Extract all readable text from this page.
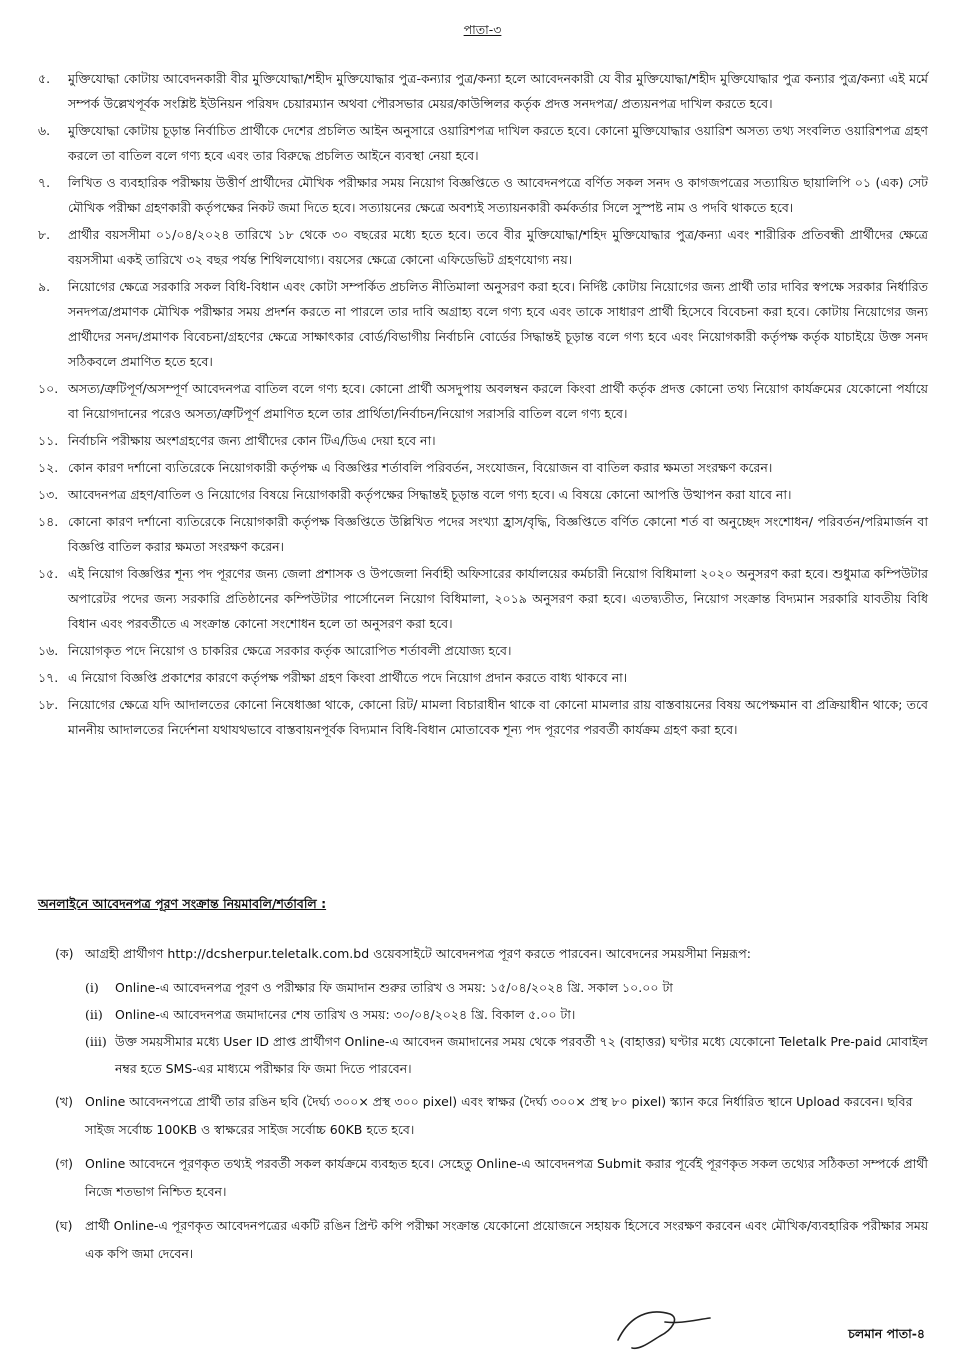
পাতা-৩
৫.	মুক্তিযোদ্ধা কোটায় আবেদনকারী বীর মুক্তিযোদ্ধা/শহীদ মুক্তিযোদ্ধার পুত্র-কন্যার পুত্র/কন্যা হলে আবেদনকারী যে বীর মুক্তিযোদ্ধা/শহীদ মুক্তিযোদ্ধার পুত্র কন্যার পুত্র/কন্যা এই মর্মে সম্পর্ক উল্লেখপূর্বক সংশ্লিষ্ট ইউনিয়ন পরিষদ চেয়ারম্যান অথবা পৌরসভার মেয়র/কাউন্সিলর কর্তৃক প্রদত্ত সনদপত্র/ প্রত্যয়নপত্র দাখিল করতে হবে।
৬.	মুক্তিযোদ্ধা কোটায় চূড়ান্ত নির্বাচিত প্রার্থীকে দেশের প্রচলিত আইন অনুসারে ওয়ারিশপত্র দাখিল করতে হবে। কোনো মুক্তিযোদ্ধার ওয়ারিশ অসত্য তথ্য সংবলিত ওয়ারিশপত্র গ্রহণ করলে তা বাতিল বলে গণ্য হবে এবং তার বিরুদ্ধে প্রচলিত আইনে ব্যবস্থা নেয়া হবে।
৭.	লিখিত ও ব্যবহারিক পরীক্ষায় উত্তীর্ণ প্রার্থীদের মৌখিক পরীক্ষার সময় নিয়োগ বিজ্ঞপ্তিতে ও আবেদনপত্রে বর্ণিত সকল সনদ ও কাগজপত্রের সত্যায়িত ছায়ালিপি ০১ (এক) সেট মৌখিক পরীক্ষা গ্রহণকারী কর্তৃপক্ষের নিকট জমা দিতে হবে। সত্যায়নের ক্ষেত্রে অবশ্যই সত্যায়নকারী কর্মকর্তার সিলে সুস্পষ্ট নাম ও পদবি থাকতে হবে।
৮.	প্রার্থীর বয়সসীমা ০১/০৪/২০২৪ তারিখে ১৮ থেকে ৩০ বছরের মধ্যে হতে হবে। তবে বীর মুক্তিযোদ্ধা/শহিদ মুক্তিযোদ্ধার পুত্র/কন্যা এবং শারীরিক প্রতিবন্ধী প্রার্থীদের ক্ষেত্রে বয়সসীমা একই তারিখে ৩২ বছর পর্যন্ত শিথিলযোগ্য। বয়সের ক্ষেত্রে কোনো এফিডেভিট গ্রহণযোগ্য নয়।
৯.	নিয়োগের ক্ষেত্রে সরকারি সকল বিধি-বিধান এবং কোটা সম্পর্কিত প্রচলিত নীতিমালা অনুসরণ করা হবে। নির্দিষ্ট কোটায় নিয়োগের জন্য প্রার্থী তার দাবির স্বপক্ষে সরকার নির্ধারিত সনদপত্র/প্রমাণক মৌখিক পরীক্ষার সময় প্রদর্শন করতে না পারলে তার দাবি অগ্রাহ্য বলে গণ্য হবে এবং তাকে সাধারণ প্রার্থী হিসেবে বিবেচনা করা হবে। কোটায় নিয়োগের জন্য প্রার্থীদের সনদ/প্রমাণক বিবেচনা/গ্রহণের ক্ষেত্রে সাক্ষাৎকার বোর্ড/বিভাগীয় নির্বাচনি বোর্ডের সিদ্ধান্তই চূড়ান্ত বলে গণ্য হবে এবং নিয়োগকারী কর্তৃপক্ষ কর্তৃক যাচাইয়ে উক্ত সনদ সঠিকবলে প্রমাণিত হতে হবে।
১০. অসত্য/ত্রুটিপূর্ণ/অসম্পূর্ণ আবেদনপত্র বাতিল বলে গণ্য হবে। কোনো প্রার্থী অসদুপায় অবলম্বন করলে কিংবা প্রার্থী কর্তৃক প্রদত্ত কোনো তথ্য নিয়োগ কার্যক্রমের যেকোনো পর্যায়ে বা নিয়োগদানের পরেও অসত্য/ত্রুটিপূর্ণ প্রমাণিত হলে তার প্রার্থিতা/নির্বাচন/নিয়োগ সরাসরি বাতিল বলে গণ্য হবে।
১১. নির্বাচনি পরীক্ষায় অংশগ্রহণের জন্য প্রার্থীদের কোন টিএ/ডিএ দেয়া হবে না।
১২. কোন কারণ দর্শানো ব্যতিরেকে নিয়োগকারী কর্তৃপক্ষ এ বিজ্ঞপ্তির শর্তাবলি পরিবর্তন, সংযোজন, বিয়োজন বা বাতিল করার ক্ষমতা সংরক্ষণ করেন।
১৩. আবেদনপত্র গ্রহণ/বাতিল ও নিয়োগের বিষয়ে নিয়োগকারী কর্তৃপক্ষের সিদ্ধান্তই চূড়ান্ত বলে গণ্য হবে। এ বিষয়ে কোনো আপত্তি উত্থাপন করা যাবে না।
১৪. কোনো কারণ দর্শানো ব্যতিরেকে নিয়োগকারী কর্তৃপক্ষ বিজ্ঞপ্তিতে উল্লিখিত পদের সংখ্যা হ্রাস/বৃদ্ধি, বিজ্ঞপ্তিতে বর্ণিত কোনো শর্ত বা অনুচ্ছেদ সংশোধন/ পরিবর্তন/পরিমার্জন বা বিজ্ঞপ্তি বাতিল করার ক্ষমতা সংরক্ষণ করেন।
১৫. এই নিয়োগ বিজ্ঞপ্তির শূন্য পদ পূরণের জন্য জেলা প্রশাসক ও উপজেলা নির্বাহী অফিসারের কার্যালয়ের কর্মচারী নিয়োগ বিধিমালা ২০২০ অনুসরণ করা হবে। শুধুমাত্র কম্পিউটার অপারেটর পদের জন্য সরকারি প্রতিষ্ঠানের কম্পিউটার পার্সোনেল নিয়োগ বিধিমালা, ২০১৯ অনুসরণ করা হবে। এতদ্ব্যতীত, নিয়োগ সংক্রান্ত বিদ্যমান সরকারি যাবতীয় বিধি বিধান এবং পরবর্তীতে এ সংক্রান্ত কোনো সংশোধন হলে তা অনুসরণ করা হবে।
১৬. নিয়োগকৃত পদে নিয়োগ ও চাকরির ক্ষেত্রে সরকার কর্তৃক আরোপিত শর্তাবলী প্রযোজ্য হবে।
১৭. এ নিয়োগ বিজ্ঞপ্তি প্রকাশের কারণে কর্তৃপক্ষ পরীক্ষা গ্রহণ কিংবা প্রার্থীতে পদে নিয়োগ প্রদান করতে বাধ্য থাকবে না।
১৮. নিয়োগের ক্ষেত্রে যদি আদালতের কোনো নিষেধাজ্ঞা থাকে, কোনো রিট/ মামলা বিচারাধীন থাকে বা কোনো মামলার রায় বাস্তবায়নের বিষয় অপেক্ষমান বা প্রক্রিয়াধীন থাকে; তবে মাননীয় আদালতের নির্দেশনা যথাযথভাবে বাস্তবায়নপূর্বক বিদ্যমান বিধি-বিধান মোতাবেক শূন্য পদ পূরণের পরবর্তী কার্যক্রম গ্রহণ করা হবে।
অনলাইনে আবেদনপত্র পূরণ সংক্রান্ত নিয়মাবলি/শর্তাবলি :
(ক) আগ্রহী প্রার্থীগণ http://dcsherpur.teletalk.com.bd ওয়েবসাইটে আবেদনপত্র পূরণ করতে পারবেন। আবেদনের সময়সীমা নিম্নরূপ:
(i)	Online-এ আবেদনপত্র পূরণ ও পরীক্ষার ফি জমাদান শুরুর তারিখ ও সময়: ১৫/০৪/২০২৪ খ্রি. সকাল ১০.০০ টা
(ii) Online-এ আবেদনপত্র জমাদানের শেষ তারিখ ও সময়: ৩০/০৪/২০২৪ খ্রি. বিকাল ৫.০০ টা।
(iii) উক্ত সময়সীমার মধ্যে User ID প্রাপ্ত প্রার্থীগণ Online-এ আবেদন জমাদানের সময় থেকে পরবর্তী ৭২ (বাহাত্তর) ঘণ্টার মধ্যে যেকোনো Teletalk Pre-paid মোবাইল নম্বর হতে SMS-এর মাধ্যমে পরীক্ষার ফি জমা দিতে পারবেন।
(খ) Online আবেদনপত্রে প্রার্থী তার রঙিন ছবি (দৈর্ঘ্য ৩০০× প্রস্থ ৩০০ pixel) এবং স্বাক্ষর (দৈর্ঘ্য ৩০০× প্রস্থ ৮০ pixel) স্ক্যান করে নির্ধারিত স্থানে Upload করবেন। ছবির সাইজ সর্বোচ্চ 100KB ও স্বাক্ষরের সাইজ সর্বোচ্চ 60KB হতে হবে।
(গ) Online আবেদনে পূরণকৃত তথ্যই পরবর্তী সকল কার্যক্রমে ব্যবহৃত হবে। সেহেতু Online-এ আবেদনপত্র Submit করার পূর্বেই পূরণকৃত সকল তথ্যের সঠিকতা সম্পর্কে প্রার্থী নিজে শতভাগ নিশ্চিত হবেন।
(ঘ)	প্রার্থী Online-এ পূরণকৃত আবেদনপত্রের একটি রঙিন প্রিন্ট কপি পরীক্ষা সংক্রান্ত যেকোনো প্রয়োজনে সহায়ক হিসেবে সংরক্ষণ করবেন এবং মৌখিক/ব্যবহারিক পরীক্ষার সময় এক কপি জমা দেবেন।
চলমান পাতা-৪
